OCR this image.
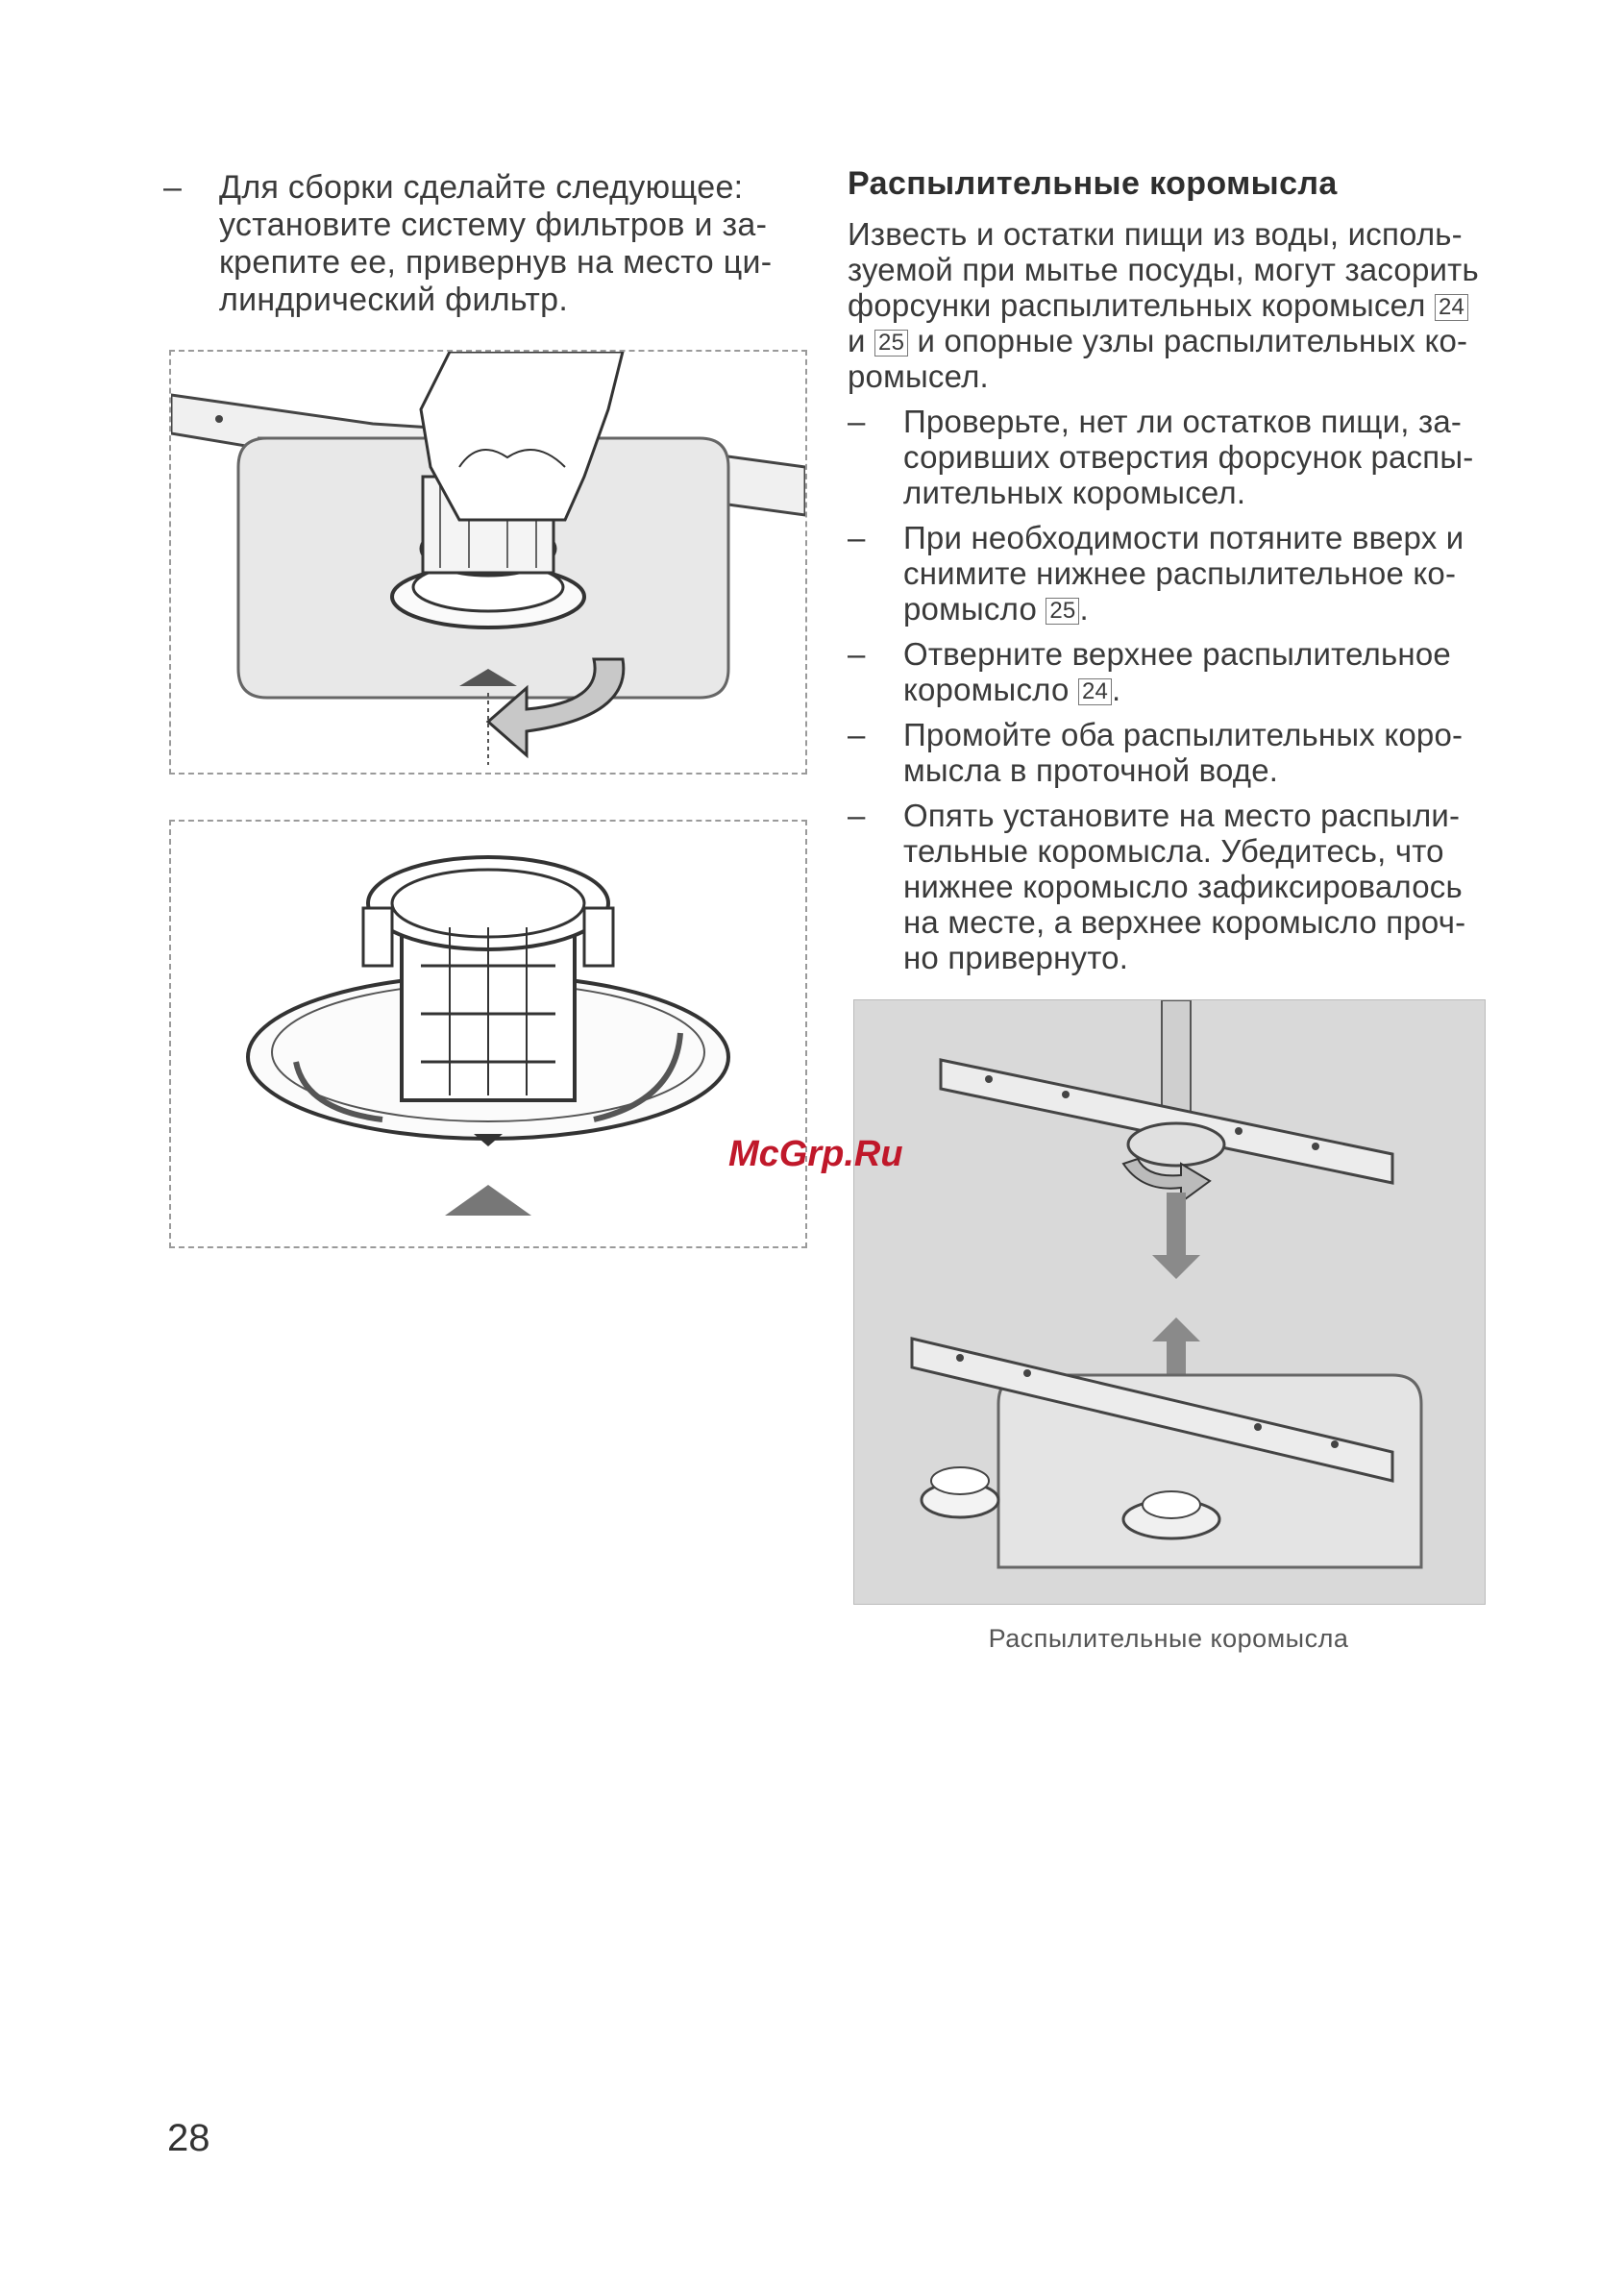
–	Для сборки сделайте следующее:
установите систему фильтров и за-
крепите ее, привернув на место ци-
линдрический фильтр.
Распылительные коромысла
Известь и остатки пищи из воды, исполь-
зуемой при мытье посуды, могут засорить
форсунки распылительных коромысел 24
и 25 и опорные узлы распылительных ко-
ромысел.
–	Проверьте, нет ли остатков пищи, за-
соривших отверстия форсунок распы-
лительных коромысел.
–	При необходимости потяните вверх и снимите нижнее распылительное ко-ромысло 25 .
–	Отверните верхнее распылительное коромысло 24 .
–	Промойте оба распылительных коро-
мысла в проточной воде.
–	Опять установите на место распыли-
тельные коромысла. Убедитесь, что
нижнее коромысло зафиксировалось
на месте, а верхнее коромысло проч-
но привернуто.
Распылительные коромысла
McGrp.Ru
28
